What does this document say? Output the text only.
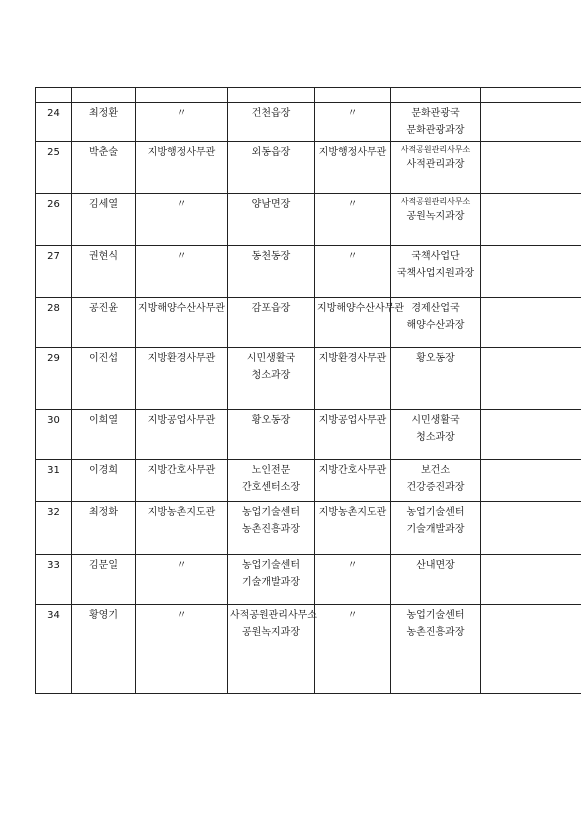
24	최정환	〃	건천읍장	〃	문화관광국
문화관광과장	

25	박춘술	지방행정사무관	외동읍장	지방행정사무관	사적공원관리사무소
사적관리과장	

26	김세열	〃	양남면장	〃	사적공원관리사무소
공원녹지과장	

27	권현식	〃	동천동장	〃	국책사업단
국책사업지원과장	

28	공진윤	지방해양수산사무관	감포읍장	지방해양수산사무관	경제산업국
해양수산과장	

29	이진섭	지방환경사무관	시민생활국 청소과장	지방환경사무관	황오동장	

30	이희열	지방공업사무관	황오동장	지방공업사무관	시민생활국
청소과장	

31	이경희	지방간호사무관	노인전문 간호센터소장	지방간호사무관	보건소
건강증진과장	

32	최정화	지방농촌지도관	농업기술센터 농촌진흥과장	지방농촌지도관	농업기술센터
기술개발과장	

33	김문일	〃	농업기술센터 기술개발과장	〃	산내면장	

34	황영기	〃	사적공원관리사무소 공원녹지과장	〃	농업기술센터
농촌진흥과장	
